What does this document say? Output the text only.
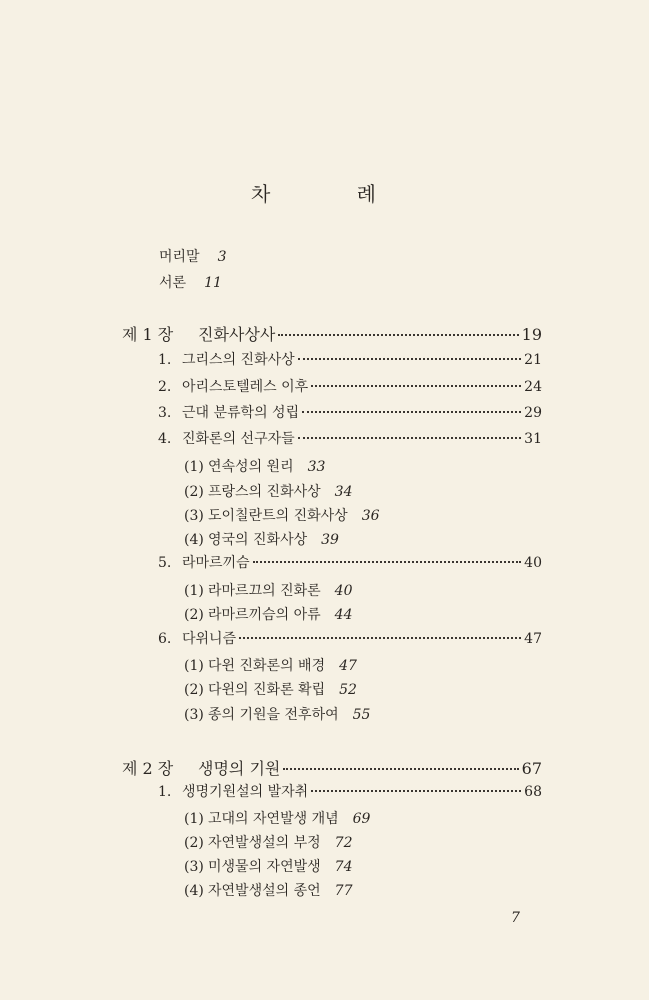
차 례
머리말 3
서론 11
제 1 장	진화사상사	19
1. 그리스의 진화사상	21
2. 아리스토텔레스 이후	24
3. 근대 분류학의 성립	29
4. 진화론의 선구자들	31
(1) 연속성의 원리 33
(2) 프랑스의 진화사상 34
(3) 도이칠란트의 진화사상 36
(4) 영국의 진화사상 39
5. 라마르끼슴	40
(1) 라마르끄의 진화론 40
(2) 라마르끼슴의 아류 44
6. 다위니즘	47
(1) 다윈 진화론의 배경 47
(2) 다윈의 진화론 확립 52
(3) 종의 기원을 전후하여 55
제 2 장	생명의 기원	67
1. 생명기원설의 발자취	68
(1) 고대의 자연발생 개념 69
(2) 자연발생설의 부정 72
(3) 미생물의 자연발생 74
(4) 자연발생설의 종언 77
7
